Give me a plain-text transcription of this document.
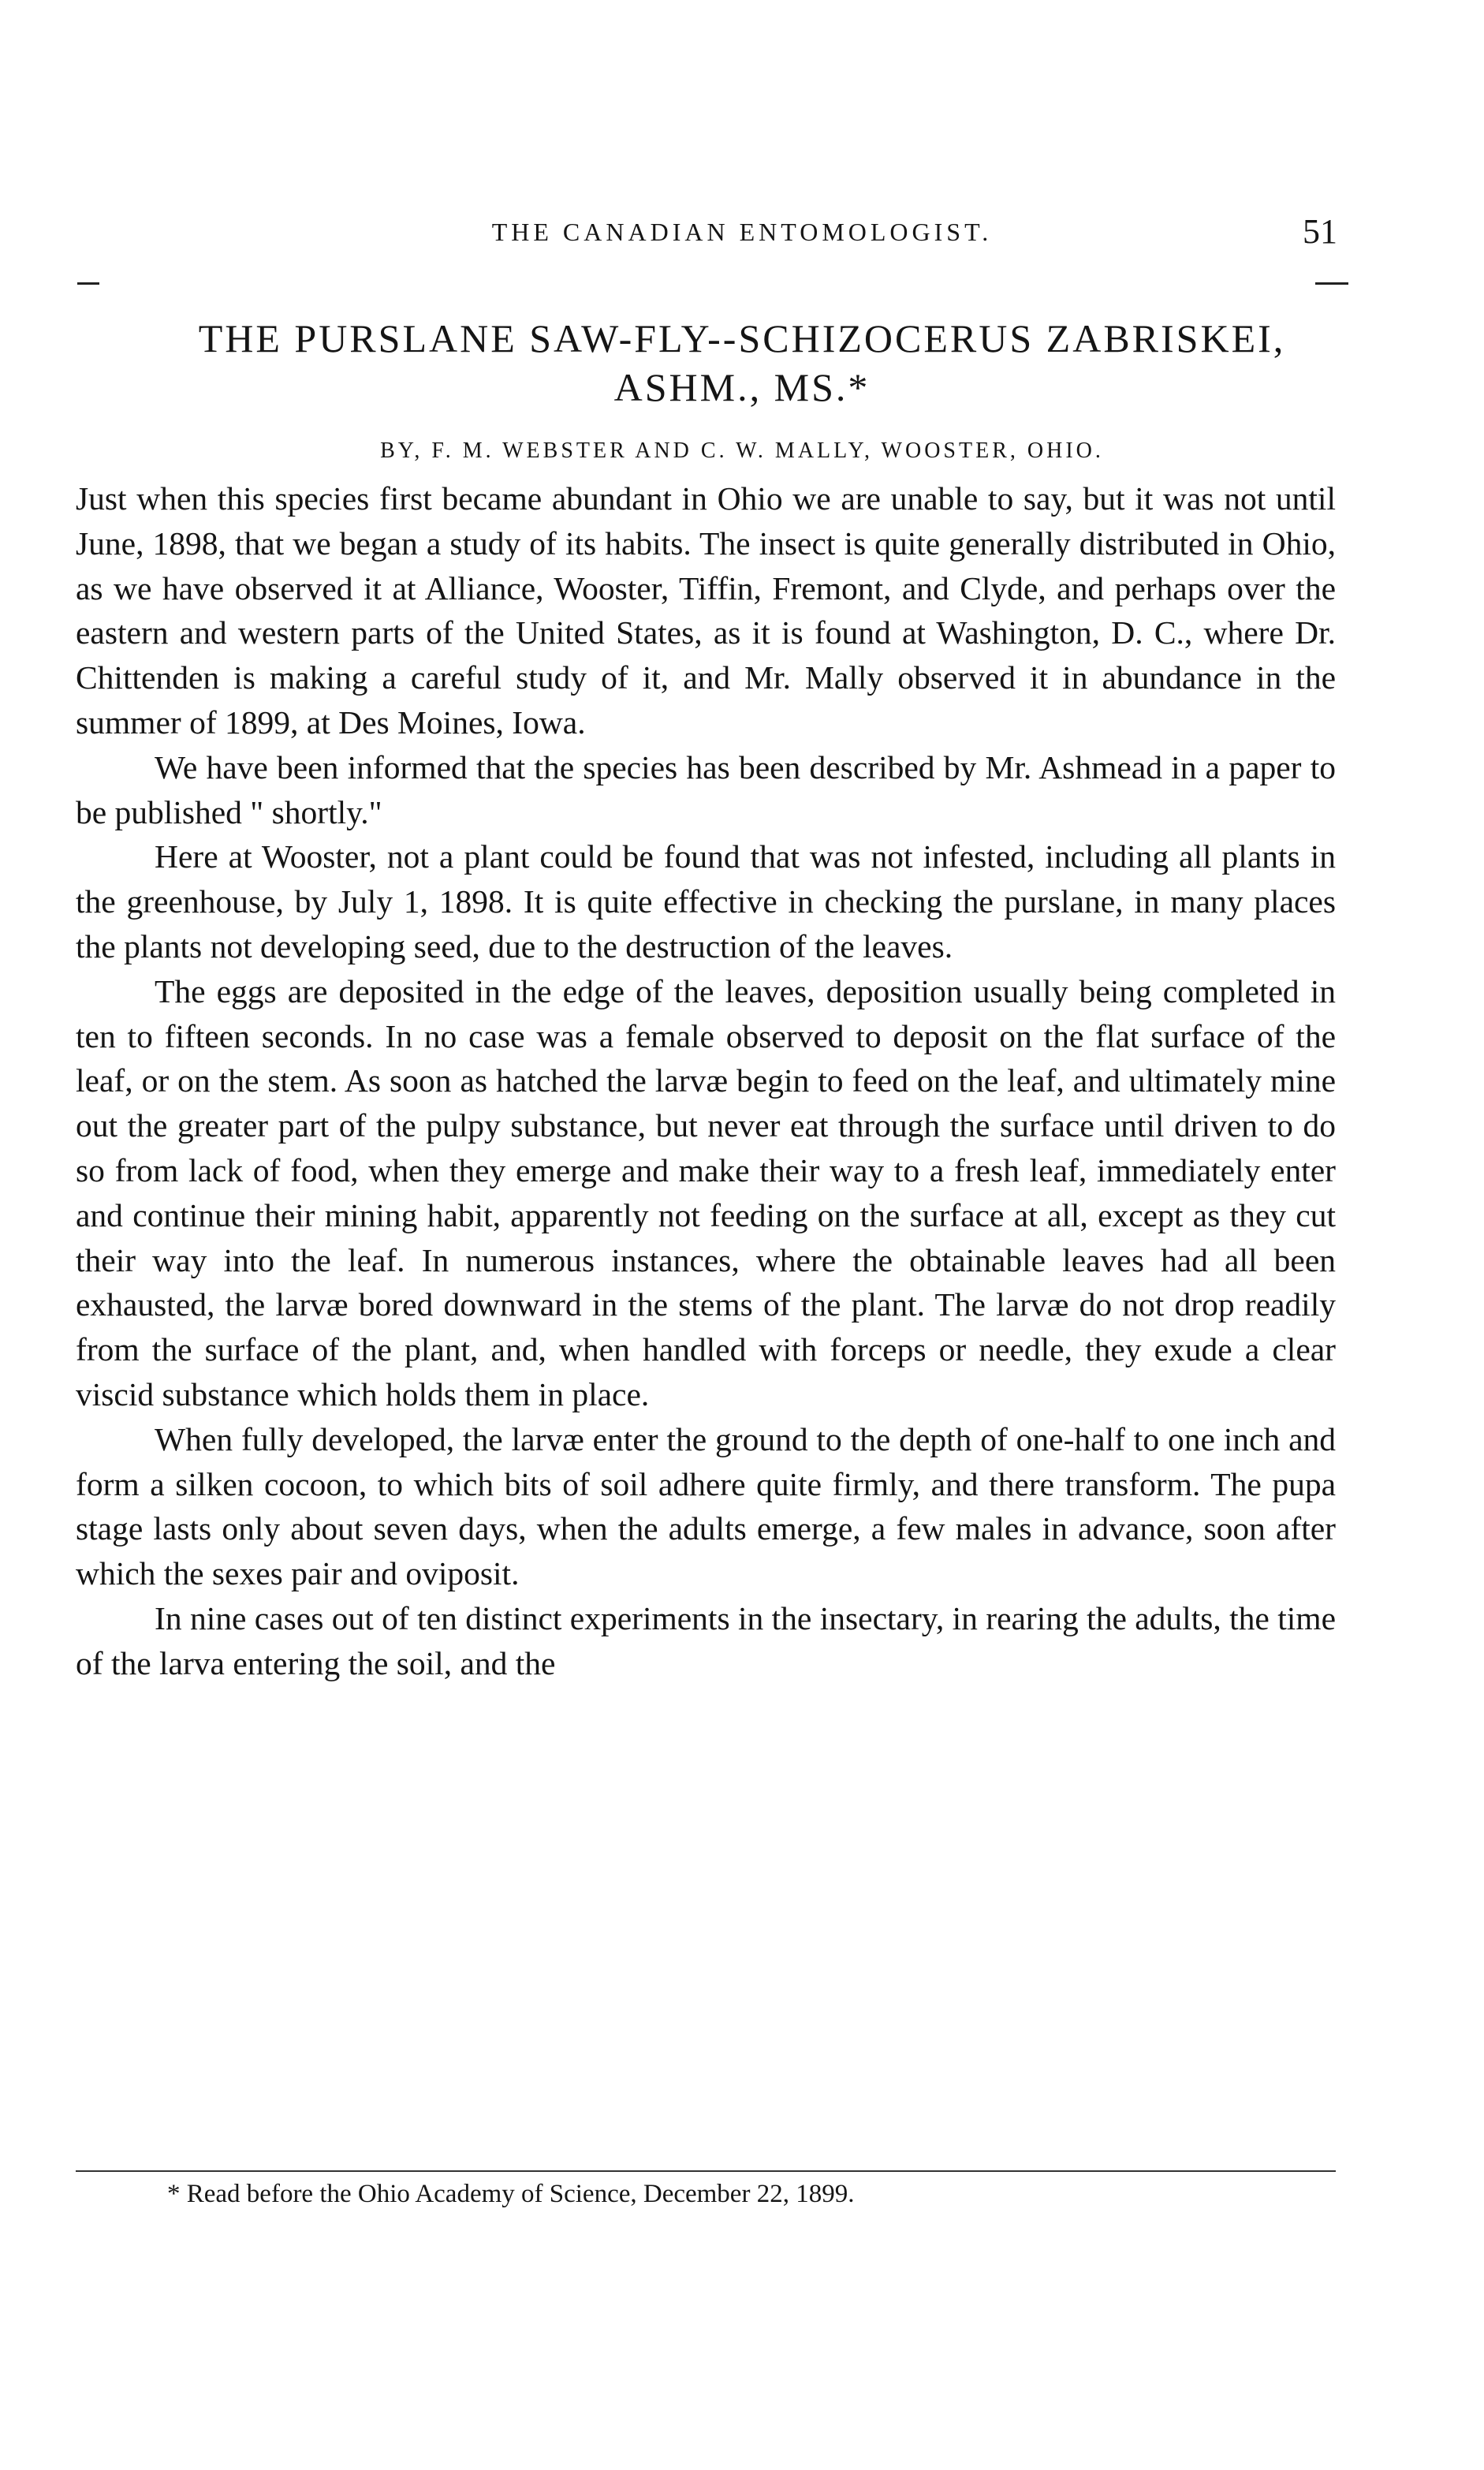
THE CANADIAN ENTOMOLOGIST.	51
THE PURSLANE SAW-FLY--SCHIZOCERUS ZABRISKEI,
ASHM., MS.*
BY, F. M. WEBSTER AND C. W. MALLY, WOOSTER, OHIO.

Just when this species first became abundant in Ohio we are unable to say, but it was not until June, 1898, that we began a study of its habits. The insect is quite generally distributed in Ohio, as we have observed it at Alliance, Wooster, Tiffin, Fremont, and Clyde, and perhaps over the eastern and western parts of the United States, as it is found at Washington, D. C., where Dr. Chittenden is making a careful study of it, and Mr. Mally observed it in abundance in the summer of 1899, at Des Moines, Iowa.

We have been informed that the species has been described by Mr. Ashmead in a paper to be published " shortly."

Here at Wooster, not a plant could be found that was not infested, including all plants in the greenhouse, by July 1, 1898. It is quite effective in checking the purslane, in many places the plants not developing seed, due to the destruction of the leaves.

The eggs are deposited in the edge of the leaves, deposition usually being completed in ten to fifteen seconds. In no case was a female observed to deposit on the flat surface of the leaf, or on the stem. As soon as hatched the larvæ begin to feed on the leaf, and ultimately mine out the greater part of the pulpy substance, but never eat through the surface until driven to do so from lack of food, when they emerge and make their way to a fresh leaf, immediately enter and continue their mining habit, apparently not feeding on the surface at all, except as they cut their way into the leaf. In numerous instances, where the obtainable leaves had all been exhausted, the larvæ bored downward in the stems of the plant. The larvæ do not drop readily from the surface of the plant, and, when handled with forceps or needle, they exude a clear viscid substance which holds them in place.

When fully developed, the larvæ enter the ground to the depth of one-half to one inch and form a silken cocoon, to which bits of soil adhere quite firmly, and there transform. The pupa stage lasts only about seven days, when the adults emerge, a few males in advance, soon after which the sexes pair and oviposit.

In nine cases out of ten distinct experiments in the insectary, in rearing the adults, the time of the larva entering the soil, and the

* Read before the Ohio Academy of Science, December 22, 1899.
